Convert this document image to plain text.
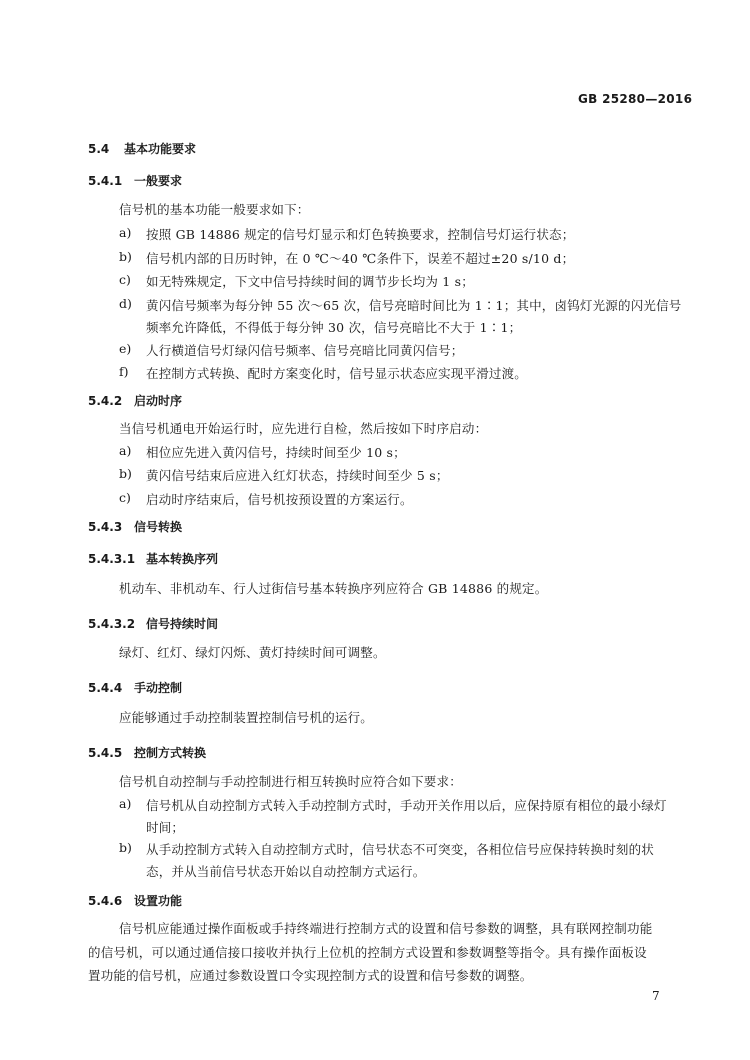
GB 25280—2016
5.4 基本功能要求
5.4.1 一般要求
信号机的基本功能一般要求如下：
a) 按照 GB 14886 规定的信号灯显示和灯色转换要求，控制信号灯运行状态；
b) 信号机内部的日历时钟，在 0 ℃～40 ℃条件下，误差不超过±20 s/10 d；
c) 如无特殊规定，下文中信号持续时间的调节步长均为 1 s；
d) 黄闪信号频率为每分钟 55 次～65 次，信号亮暗时间比为 1∶1；其中，卤钨灯光源的闪光信号
频率允许降低，不得低于每分钟 30 次，信号亮暗比不大于 1∶1；
e) 人行横道信号灯绿闪信号频率、信号亮暗比同黄闪信号；
f) 在控制方式转换、配时方案变化时，信号显示状态应实现平滑过渡。
5.4.2 启动时序
当信号机通电开始运行时，应先进行自检，然后按如下时序启动：
a) 相位应先进入黄闪信号，持续时间至少 10 s；
b) 黄闪信号结束后应进入红灯状态，持续时间至少 5 s；
c) 启动时序结束后，信号机按预设置的方案运行。
5.4.3 信号转换
5.4.3.1 基本转换序列
机动车、非机动车、行人过街信号基本转换序列应符合 GB 14886 的规定。
5.4.3.2 信号持续时间
绿灯、红灯、绿灯闪烁、黄灯持续时间可调整。
5.4.4 手动控制
应能够通过手动控制装置控制信号机的运行。
5.4.5 控制方式转换
信号机自动控制与手动控制进行相互转换时应符合如下要求：
a) 信号机从自动控制方式转入手动控制方式时，手动开关作用以后，应保持原有相位的最小绿灯
时间；
b) 从手动控制方式转入自动控制方式时，信号状态不可突变，各相位信号应保持转换时刻的状
态，并从当前信号状态开始以自动控制方式运行。
5.4.6 设置功能
信号机应能通过操作面板或手持终端进行控制方式的设置和信号参数的调整，具有联网控制功能
的信号机，可以通过通信接口接收并执行上位机的控制方式设置和参数调整等指令。具有操作面板设
置功能的信号机，应通过参数设置口令实现控制方式的设置和信号参数的调整。
7
